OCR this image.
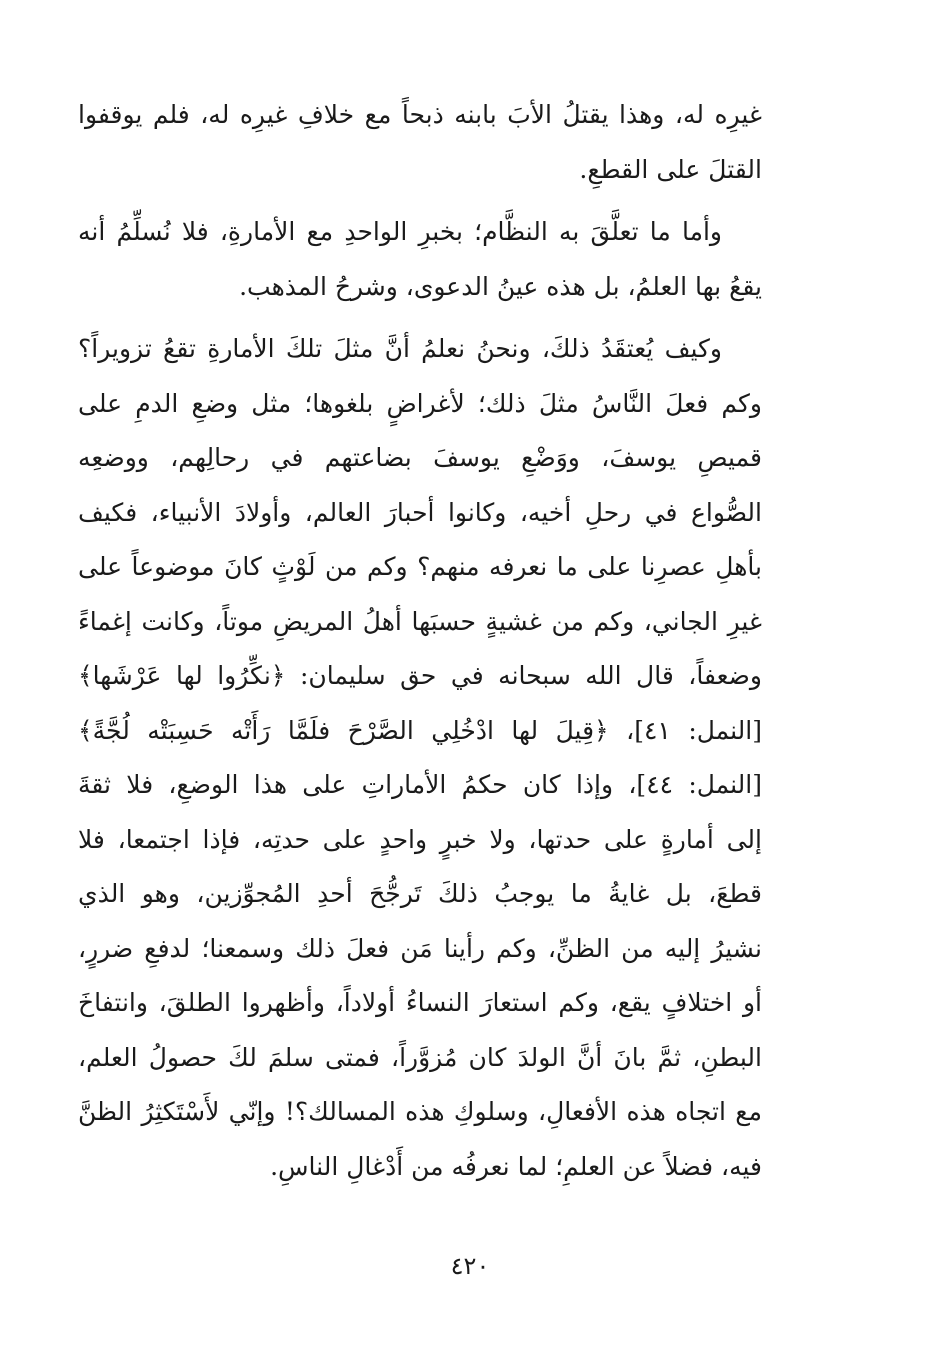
غيرِه له، وهذا يقتلُ الأبَ بابنه ذبحاً مع خلافِ غيرِه له، فلم يوقفوا
القتلَ على القطعِ.

وأما ما تعلَّقَ به النظَّام؛ بخبرِ الواحدِ مع الأمارةِ، فلا نُسلِّمُ أنه
يقعُ بها العلمُ، بل هذه عينُ الدعوى، وشرحُ المذهب.

وكيف يُعتقَدُ ذلكَ، ونحنُ نعلمُ أنَّ مثلَ تلكَ الأمارةِ تقعُ تزويراً؟
وكم فعلَ النَّاسُ مثلَ ذلك؛ لأغراضٍ بلغوها؛ مثل وضعِ الدمِ على
قميصِ يوسفَ، ووَضْعِ يوسفَ بضاعتهم في رحالِهم، ووضعِه
الصُّواع في رحلِ أخيه، وكانوا أحبارَ العالم، وأولادَ الأنبياء، فكيف
بأهلِ عصرِنا على ما نعرفه منهم؟ وكم من لَوْثٍ كانَ موضوعاً على
غيرِ الجاني، وكم من غشيةٍ حسبَها أهلُ المريضِ موتاً، وكانت إغماءً
وضعفاً، قال الله سبحانه في حق سليمان: ﴿نكِّرُوا لها عَرْشَها﴾
[النمل: ٤١]، ﴿قِيلَ لها ادْخُلِي الصَّرْحَ فلَمَّا رَأَتْه حَسِبَتْه لُجَّةً﴾
[النمل: ٤٤]، وإذا كان حكمُ الأماراتِ على هذا الوضعِ، فلا ثقةَ
إلى أمارةٍ على حدتها، ولا خبرٍ واحدٍ على حدتِه، فإذا اجتمعا، فلا
قطعَ، بل غايةُ ما يوجبُ ذلكَ تَرجُّحَ أحدِ المُجوِّزين، وهو الذي
نشيرُ إليه من الظنِّ، وكم رأينا مَن فعلَ ذلك وسمعنا؛ لدفعِ ضررٍ،
أو اختلافٍ يقع، وكم استعارَ النساءُ أولاداً، وأظهروا الطلقَ، وانتفاخَ
البطنِ، ثمَّ بانَ أنَّ الولدَ كان مُزوَّراً، فمتى سلمَ لكَ حصولُ العلم،
مع اتجاه هذه الأفعالِ، وسلوكِ هذه المسالك؟! وإنّي لأَسْتَكثِرُ الظنَّ
فيه، فضلاً عن العلمِ؛ لما نعرفُه من أَدْغالِ الناسِ.

٤٢٠
